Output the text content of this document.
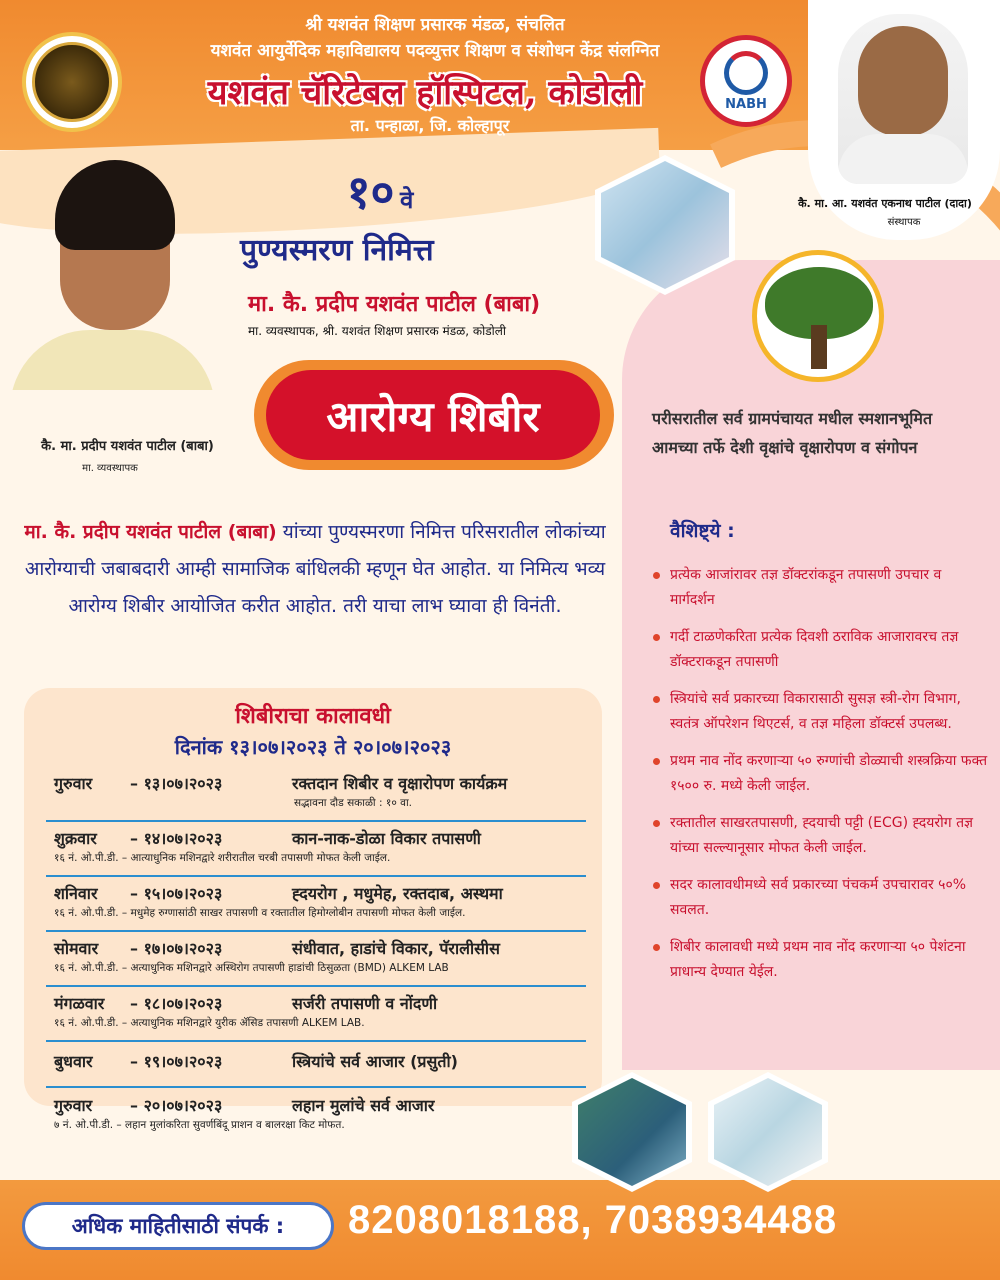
श्री यशवंत शिक्षण प्रसारक मंडळ, संचलित
यशवंत आयुर्वेदिक महाविद्यालय पदव्युत्तर शिक्षण व संशोधन केंद्र संलग्नित
यशवंत चॅरिटेबल हॉस्पिटल, कोडोली
ता. पन्हाळा, जि. कोल्हापूर
NABH
कै. मा. आ. यशवंत एकनाथ पाटील (दादा)
संस्थापक
कै. मा. प्रदीप यशवंत पाटील (बाबा)
मा. व्यवस्थापक
१० वे
पुण्यस्मरण निमित्त
मा. कै. प्रदीप यशवंत पाटील (बाबा)
मा. व्यवस्थापक, श्री. यशवंत शिक्षण प्रसारक मंडळ, कोडोली
आरोग्य शिबीर	परीसरातील सर्व ग्रामपंचायत मधील स्मशानभूमित आमच्या तर्फे देशी वृक्षांचे वृक्षारोपण व संगोपन
वैशिष्ट्ये :
प्रत्येक आजांरावर तज्ञ डॉक्टरांकडून तपासणी उपचार व मार्गदर्शन
गर्दी टाळणेकरिता प्रत्येक दिवशी ठराविक आजारावरच तज्ञ डॉक्टराकडून तपासणी
स्त्रियांचे सर्व प्रकारच्या विकारासाठी सुसज्ञ स्त्री-रोग विभाग, स्वतंत्र ऑपरेशन थिएटर्स, व तज्ञ महिला डॉक्टर्स उपलब्ध.
प्रथम नाव नोंद करणाऱ्या ५० रुग्णांची डोळ्याची शस्त्रक्रिया फक्त १५०० रु. मध्ये केली जाईल.
रक्तातील साखरतपासणी, ह्दयाची पट्टी (ECG) ह्दयरोग तज्ञ यांच्या सल्ल्यानूसार मोफत केली जाईल.
सदर कालावधीमध्ये सर्व प्रकारच्या पंचकर्म उपचारावर ५०% सवलत.
शिबीर कालावधी मध्ये प्रथम नाव नोंद करणाऱ्या ५० पेशंटना प्राधान्य देण्यात येईल.
मा. कै. प्रदीप यशवंत पाटील (बाबा) यांच्या पुण्यस्मरणा निमित्त परिसरातील लोकांच्या आरोग्याची जबाबदारी आम्ही सामाजिक बांधिलकी म्हणून घेत आहोत. या निमित्य भव्य आरोग्य शिबीर आयोजित करीत आहोत. तरी याचा लाभ घ्यावा ही विनंती.
शिबीराचा कालावधी
दिनांक १३।०७।२०२३ ते २०।०७।२०२३
गुरुवार	– १३।०७।२०२३	रक्तदान शिबीर व वृक्षारोपण कार्यक्रम
सद्भावना दौड सकाळी : १० वा.
शुक्रवार	– १४।०७।२०२३	कान-नाक-डोळा विकार तपासणी
१६ नं. ओ.पी.डी. – आत्याधुनिक मशिनद्वारे शरीरातील चरबी तपासणी मोफत केली जाईल.
शनिवार	– १५।०७।२०२३	ह्दयरोग , मधुमेह, रक्तदाब, अस्थमा
१६ नं. ओ.पी.डी. – मधुमेह रुग्णासांठी साखर तपासणी व रक्तातील हिमोग्लोबीन तपासणी मोफत केली जाईल.
सोमवार	– १७।०७।२०२३	संधीवात, हाडांचे विकार, पॅरालीसीस
१६ नं. ओ.पी.डी. – अत्याधुनिक मशिनद्वारे अस्थिरोग तपासणी हाडांची ठिसुळता (BMD) ALKEM LAB
मंगळवार	– १८।०७।२०२३	सर्जरी तपासणी व नोंदणी
१६ नं. ओ.पी.डी. – अत्याधुनिक मशिनद्वारे युरीक ॲसिड तपासणी ALKEM LAB.
बुधवार	– १९।०७।२०२३	स्त्रियांचे सर्व आजार (प्रसुती)
गुरुवार	– २०।०७।२०२३	लहान मुलांचे सर्व आजार
७ नं. ओ.पी.डी. – लहान मुलांकरिता सुवर्णबिंदू प्राशन व बालरक्षा किट मोफत.
अधिक माहितीसाठी संपर्क : 8208018188, 7038934488
